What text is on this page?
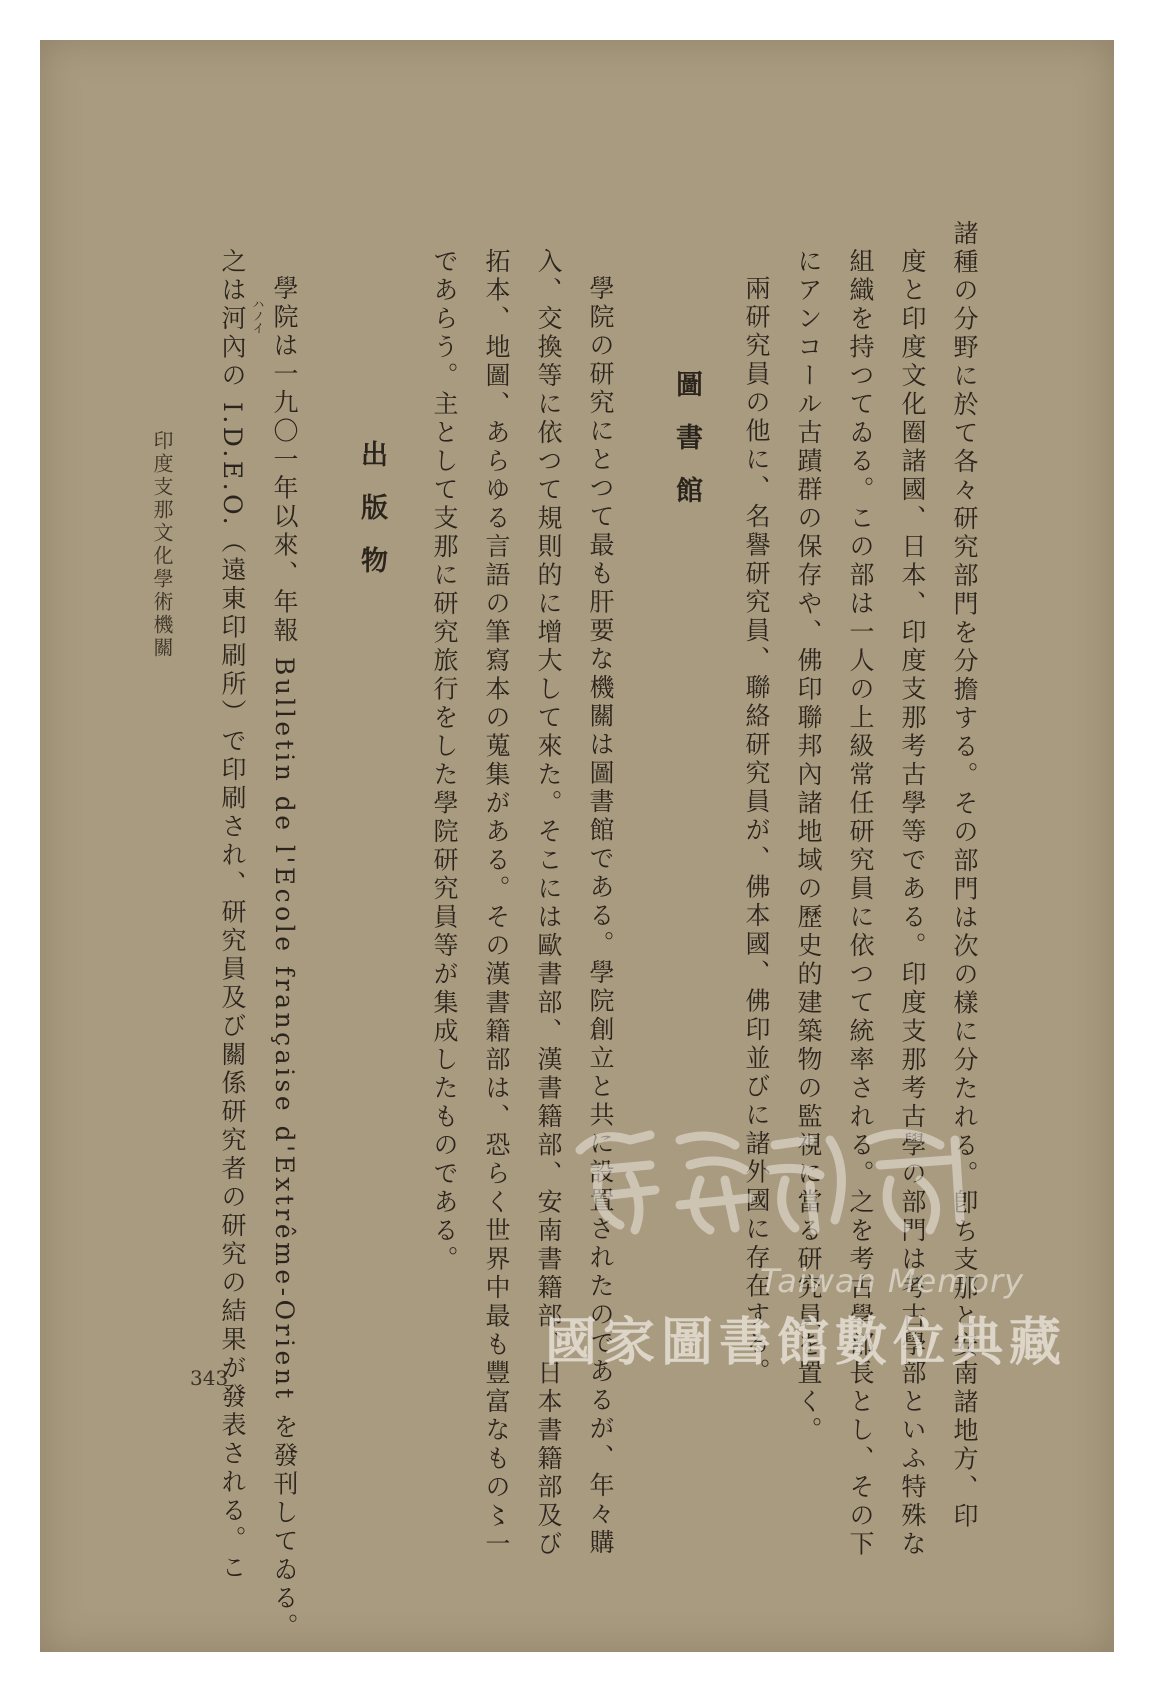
諸種の分野に於て各々研究部門を分擔する。その部門は次の樣に分たれる。卽ち支那と安南諸地方、印
度と印度文化圈諸國、日本、印度支那考古學等である。印度支那考古學の部門は考古學部といふ特殊な
組織を持つてゐる。この部は一人の上級常任研究員に依つて統率される。之を考古學部長とし、その下
にアンコール古蹟群の保存や、佛印聯邦內諸地域の歷史的建築物の監視に當る研究員を置く。
兩研究員の他に、名譽研究員、聯絡研究員が、佛本國、佛印並びに諸外國に存在する。
圖書館
學院の研究にとつて最も肝要な機關は圖書館である。學院創立と共に設置されたのであるが、年々購
入、交換等に依つて規則的に增大して來た。そこには歐書部、漢書籍部、安南書籍部、日本書籍部及び
拓本、地圖、あらゆる言語の筆寫本の蒐集がある。その漢書籍部は、恐らく世界中最も豐富なもの〻一
であらう。主として支那に研究旅行をした學院研究員等が集成したものである。
出版物
學院は一九〇一年以來、年報 Bulletin de l'Ecole française d'Extrême-Orient を發刊してゐる。
之は河內の I.D.E.O.（遠東印刷所）で印刷され、研究員及び關係研究者の研究の結果が發表される。こ ハノイ
印度支那文化學術機關
343
Taiwan Memory
國家圖書館數位典藏
